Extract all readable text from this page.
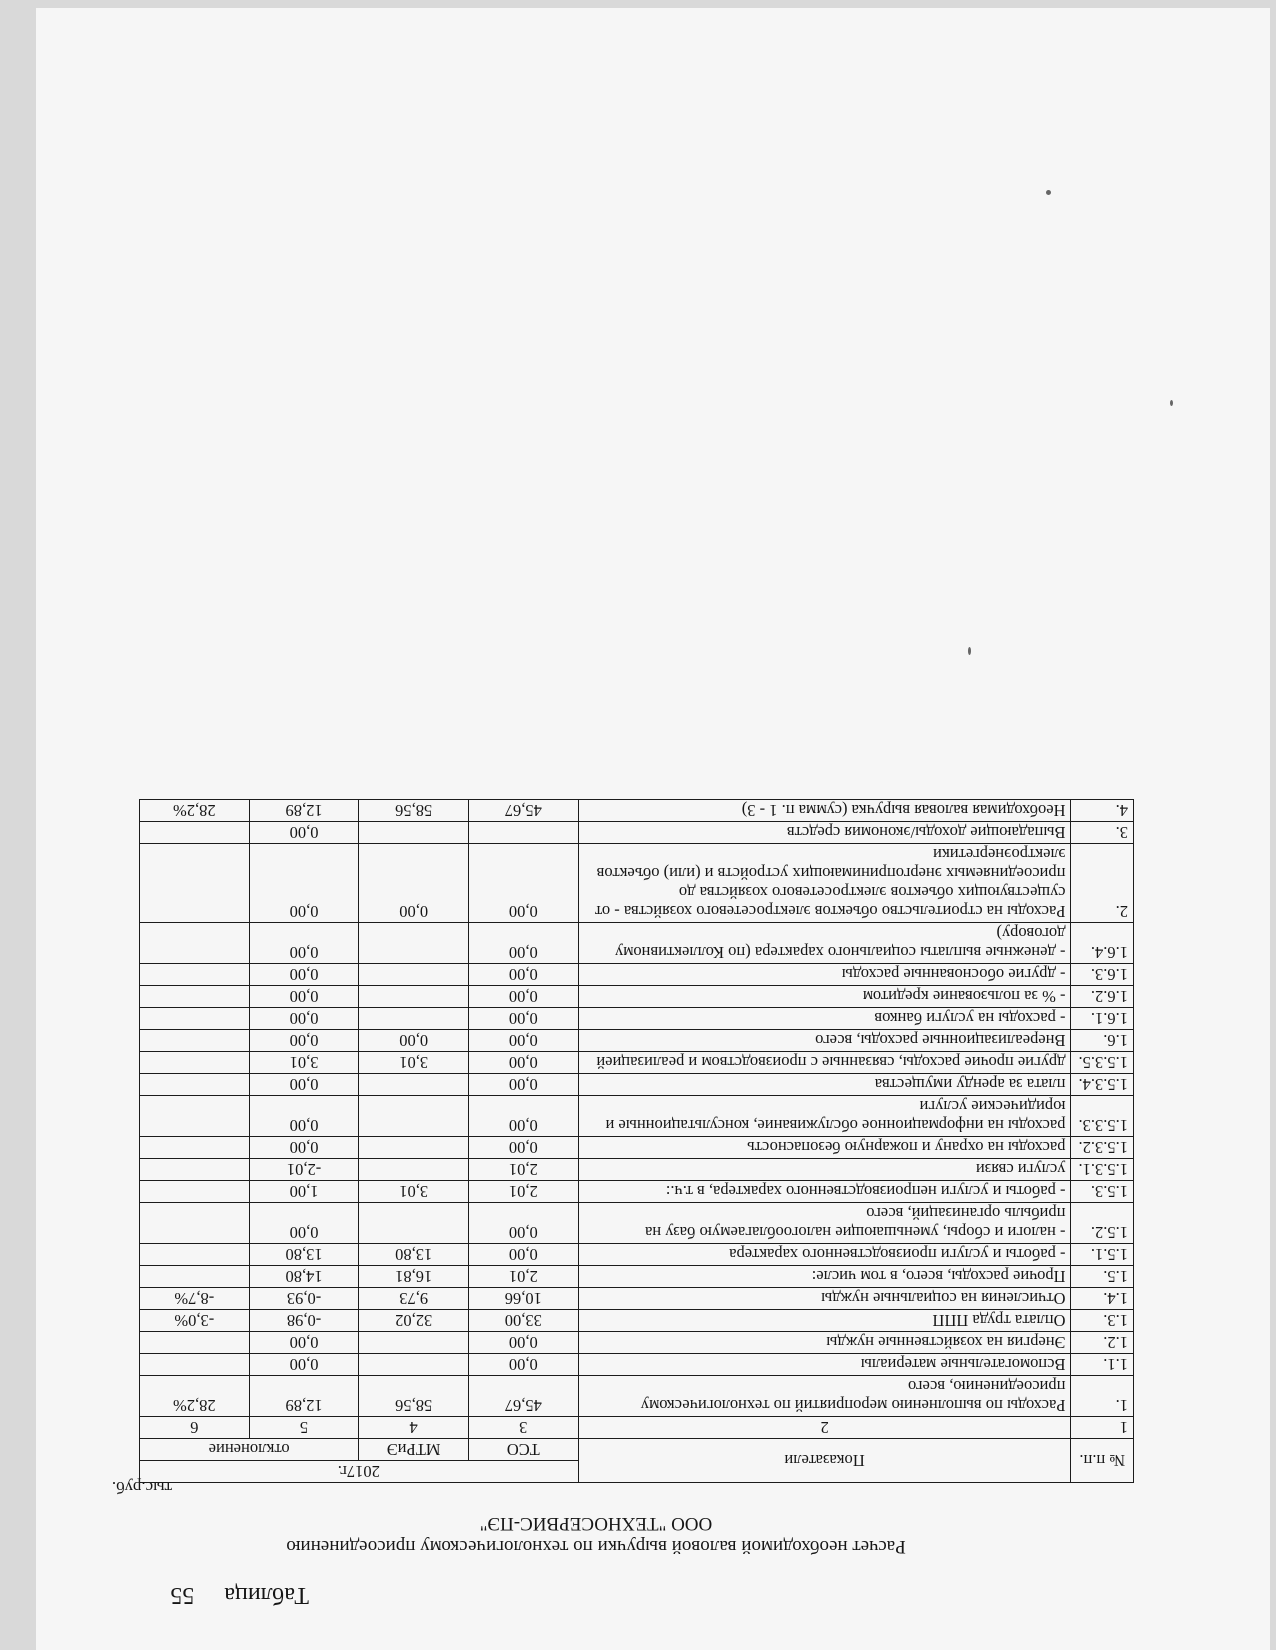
Таблица55
Расчет необходимой валовой выручки по технологическому присоединению
ООО "ТЕХНОСЕРВИС-ПЭ"
тыс.руб.
№ п.п.	Показатели	2017г.			
		ТСО	МТРиЭ	отклонение	
1	2	3	4	5	6
1.	Расходы по выполнению мероприятий по технологическому присоединению, всего	45,67	58,56	12,89	28,2%
1.1.	Вспомогательные материалы	0,00		0,00	
1.2.	Энергия на хозяйственные нужды	0,00		0,00	
1.3.	Оплата труда ППП	33,00	32,02	-0,98	-3,0%
1.4.	Отчисления на социальные нужды	10,66	9,73	-0,93	-8,7%
1.5.	Прочие расходы, всего, в том числе:	2,01	16,81	14,80	
1.5.1.	- работы и услуги производственного характера	0,00	13,80	13,80	
1.5.2.	- налоги и сборы, уменьшающие налогооблагаемую базу на прибыль организаций, всего	0,00		0,00	
1.5.3.	- работы и услуги непроизводственного характера, в т.ч.:	2,01	3,01	1,00	
1.5.3.1.	услуги связи	2,01		-2,01	
1.5.3.2.	расходы на охрану и пожарную безопасность	0,00		0,00	
1.5.3.3.	расходы на информационное обслуживание, консультационные и юридические услуги	0,00		0,00	
1.5.3.4.	плата за аренду имущества	0,00		0,00	
1.5.3.5.	другие прочие расходы, связанные с производством и реализацией	0,00	3,01	3,01	
1.6.	Внереализационные расходы, всего	0,00	0,00	0,00	
1.6.1.	- расходы на услуги банков	0,00		0,00	
1.6.2.	- % за пользование кредитом	0,00		0,00	
1.6.3.	- другие обоснованные расходы	0,00		0,00	
1.6.4.	- денежные выплаты социального характера (по Коллективному договору)	0,00		0,00	
2.	Расходы на строительство объектов электросетевого хозяйства - от существующих объектов электросетевого хозяйства до присоединяемых энергопринимающих устройств и (или) объектов электроэнергетики	0,00	0,00	0,00	
3.	Выпадающие доходы/экономия средств			0,00	
4.	Необходимая валовая выручка (сумма п. 1 - 3)	45,67	58,56	12,89	28,2%
